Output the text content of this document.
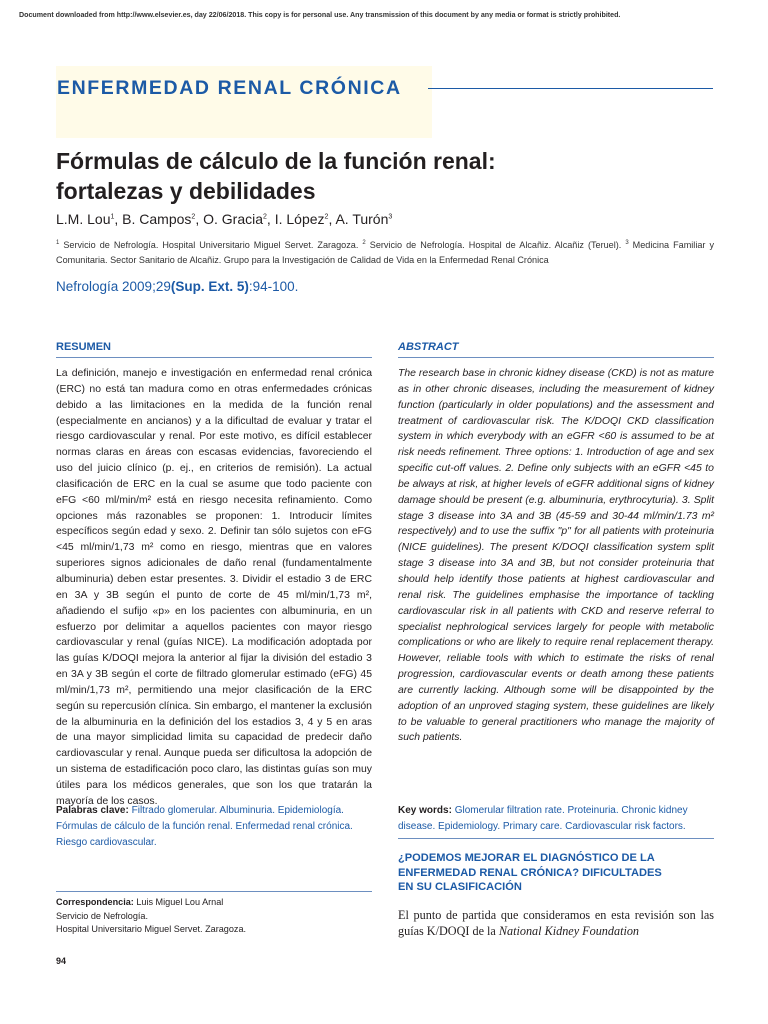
Document downloaded from http://www.elsevier.es, day 22/06/2018. This copy is for personal use. Any transmission of this document by any media or format is strictly prohibited.
ENFERMEDAD RENAL CRÓNICA
Fórmulas de cálculo de la función renal:
fortalezas y debilidades
L.M. Lou$^1$, B. Campos$^2$, O. Gracia$^2$, I. López$^2$, A. Turón$^3$

$^1$ Servicio de Nefrología. Hospital Universitario Miguel Servet. Zaragoza. $^2$ Servicio de Nefrología. Hospital de Alcañiz. Alcañiz (Teruel). $^3$ Medicina Familiar y Comunitaria. Sector Sanitario de Alcañiz. Grupo para la Investigación de Calidad de Vida en la Enfermedad Renal Crónica

Nefrología 2009;29(Sup. Ext. 5):94-100.
RESUMEN	ABSTRACT

La definición, manejo e investigación en enfermedad renal crónica (ERC) no está tan madura como en otras enfermedades crónicas debido a las limitaciones en la medida de la función renal (especialmente en ancianos) y a la dificultad de evaluar y tratar el riesgo cardiovascular y renal. Por este motivo, es difícil establecer normas claras en áreas con escasas evidencias, favoreciendo el uso del juicio clínico (p. ej., en criterios de remisión). La actual clasificación de ERC en la cual se asume que todo paciente con eFG <60 ml/min/m² está en riesgo necesita refinamiento. Como opciones más razonables se proponen: 1. Introducir límites específicos según edad y sexo. 2. Definir tan sólo sujetos con eFG <45 ml/min/1,73 m² como en riesgo, mientras que en valores superiores signos adicionales de daño renal (fundamentalmente albuminuria) deben estar presentes. 3. Dividir el estadio 3 de ERC en 3A y 3B según el punto de corte de 45 ml/min/1,73 m², añadiendo el sufijo «p» en los pacientes con albuminuria, en un esfuerzo por delimitar a aquellos pacientes con mayor riesgo cardiovascular y renal (guías NICE). La modificación adoptada por las guías K/DOQI mejora la anterior al fijar la división del estadio 3 en 3A y 3B según el corte de filtrado glomerular estimado (eFG) 45 ml/min/1,73 m², permitiendo una mejor clasificación de la ERC según su repercusión clínica. Sin embargo, el mantener la exclusión de la albuminuria en la definición del los estadios 3, 4 y 5 en aras de una mayor simplicidad limita su capacidad de predecir daño cardiovascular y renal. Aunque pueda ser dificultosa la adopción de un sistema de estadificación poco claro, las distintas guías son muy útiles para los médicos generales, que son los que tratarán la mayoría de los casos.

The research base in chronic kidney disease (CKD) is not as mature as in other chronic diseases, including the measurement of kidney function (particularly in older populations) and the assessment and treatment of cardiovascular risk. The K/DOQI CKD classification system in which everybody with an eGFR <60 is assumed to be at risk needs refinement. Three options: 1. Introduction of age and sex specific cut-off values. 2. Define only subjects with an eGFR <45 to be always at risk, at higher levels of eGFR additional signs of kidney damage should be present (e.g. albuminuria, erythrocyturia). 3. Split stage 3 disease into 3A and 3B (45-59 and 30-44 ml/min/1.73 m² respectively) and to use the suffix "p" for all patients with proteinuria (NICE guidelines). The present K/DOQI classification system split stage 3 disease into 3A and 3B, but not consider proteinuria that should help identify those patients at highest cardiovascular and renal risk. The guidelines emphasise the importance of tackling cardiovascular risk in all patients with CKD and reserve referral to specialist nephrological services largely for people with metabolic complications or who are likely to require renal replacement therapy. However, reliable tools with which to estimate the risks of renal progression, cardiovascular events or death among these patients are currently lacking. Although some will be disappointed by the adoption of an unproved staging system, these guidelines are likely to be valuable to general practitioners who manage the majority of such patients.

Palabras clave: Filtrado glomerular. Albuminuria. Epidemiología. Fórmulas de cálculo de la función renal. Enfermedad renal crónica. Riesgo cardiovascular.

Key words: Glomerular filtration rate. Proteinuria. Chronic kidney disease. Epidemiology. Primary care. Cardiovascular risk factors.

Correspondencia: Luis Miguel Lou Arnal
Servicio de Nefrología.
Hospital Universitario Miguel Servet. Zaragoza.
¿PODEMOS MEJORAR EL DIAGNÓSTICO DE LA
ENFERMEDAD RENAL CRÓNICA? DIFICULTADES
EN SU CLASIFICACIÓN

El punto de partida que consideramos en esta revisión son las guías K/DOQI de la National Kidney Foundation

94
